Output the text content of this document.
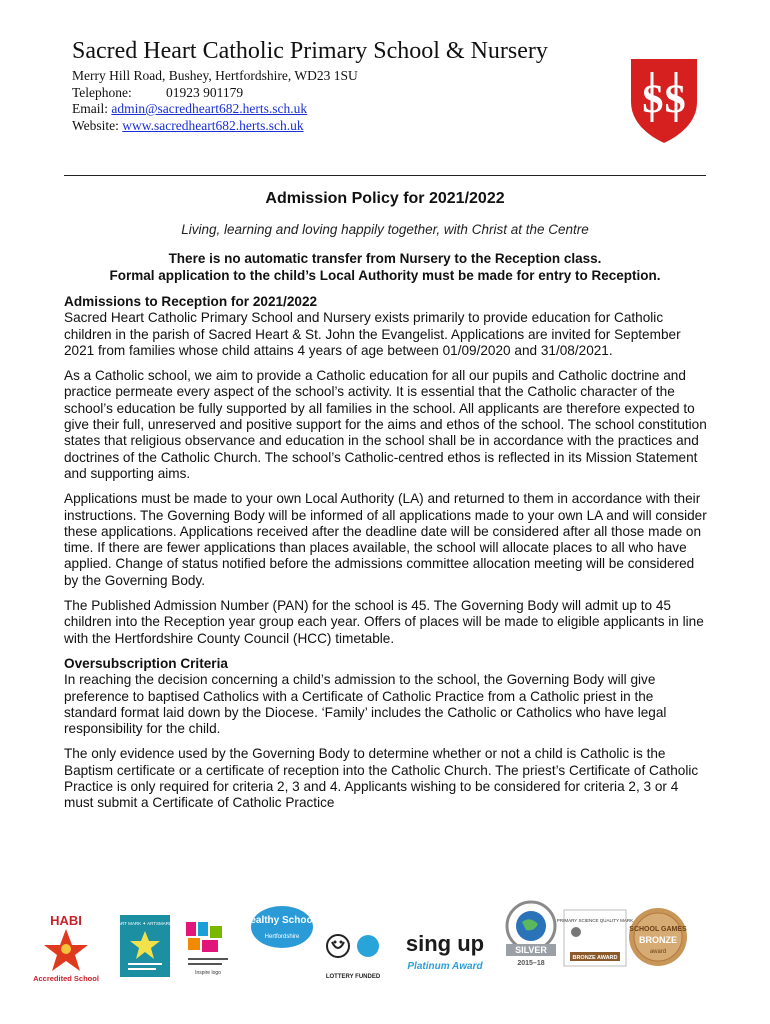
Sacred Heart Catholic Primary School & Nursery
Merry Hill Road, Bushey, Hertfordshire, WD23 1SU
Telephone:	01923 901179
Email: admin@sacredheart682.herts.sch.uk
Website: www.sacredheart682.herts.sch.uk
SS
Admission Policy for 2021/2022
Living, learning and loving happily together, with Christ at the Centre
There is no automatic transfer from Nursery to the Reception class.
Formal application to the child’s Local Authority must be made for entry to Reception.
Admissions to Reception for 2021/2022

Sacred Heart Catholic Primary School and Nursery exists primarily to provide education for Catholic children in the parish of Sacred Heart & St. John the Evangelist. Applications are invited for September 2021 from families whose child attains 4 years of age between 01/09/2020 and 31/08/2021.

As a Catholic school, we aim to provide a Catholic education for all our pupils and Catholic doctrine and practice permeate every aspect of the school’s activity. It is essential that the Catholic character of the school’s education be fully supported by all families in the school. All applicants are therefore expected to give their full, unreserved and positive support for the aims and ethos of the school. The school constitution states that religious observance and education in the school shall be in accordance with the practices and doctrines of the Catholic Church. The school’s Catholic-centred ethos is reflected in its Mission Statement and supporting aims.

Applications must be made to your own Local Authority (LA) and returned to them in accordance with their instructions. The Governing Body will be informed of all applications made to your own LA and will consider these applications. Applications received after the deadline date will be considered after all those made on time. If there are fewer applications than places available, the school will allocate places to all who have applied. Change of status notified before the admissions committee allocation meeting will be considered by the Governing Body.

The Published Admission Number (PAN) for the school is 45. The Governing Body will admit up to 45 children into the Reception year group each year. Offers of places will be made to eligible applicants in line with the Hertfordshire County Council (HCC) timetable.

Oversubscription Criteria

In reaching the decision concerning a child’s admission to the school, the Governing Body will give preference to baptised Catholics with a Certificate of Catholic Practice from a Catholic priest in the standard format laid down by the Diocese. ‘Family’ includes the Catholic or Catholics who have legal responsibility for the child.

The only evidence used by the Governing Body to determine whether or not a child is Catholic is the Baptism certificate or a certificate of reception into the Catholic Church. The priest’s Certificate of Catholic Practice is only required for criteria 2, 3 and 4. Applicants wishing to be considered for criteria 2, 3 or 4 must submit a Certificate of Catholic Practice

HABI
Accredited School
ART MARK ✦ ARTSMARK
Inspire logo
Healthy Schools
Hertfordshire
LOTTERY FUNDED
sing up
Platinum Award
SILVER
2015–18
PRIMARY SCIENCE QUALITY MARK
BRONZE AWARD
SCHOOL GAMES
BRONZE
award
